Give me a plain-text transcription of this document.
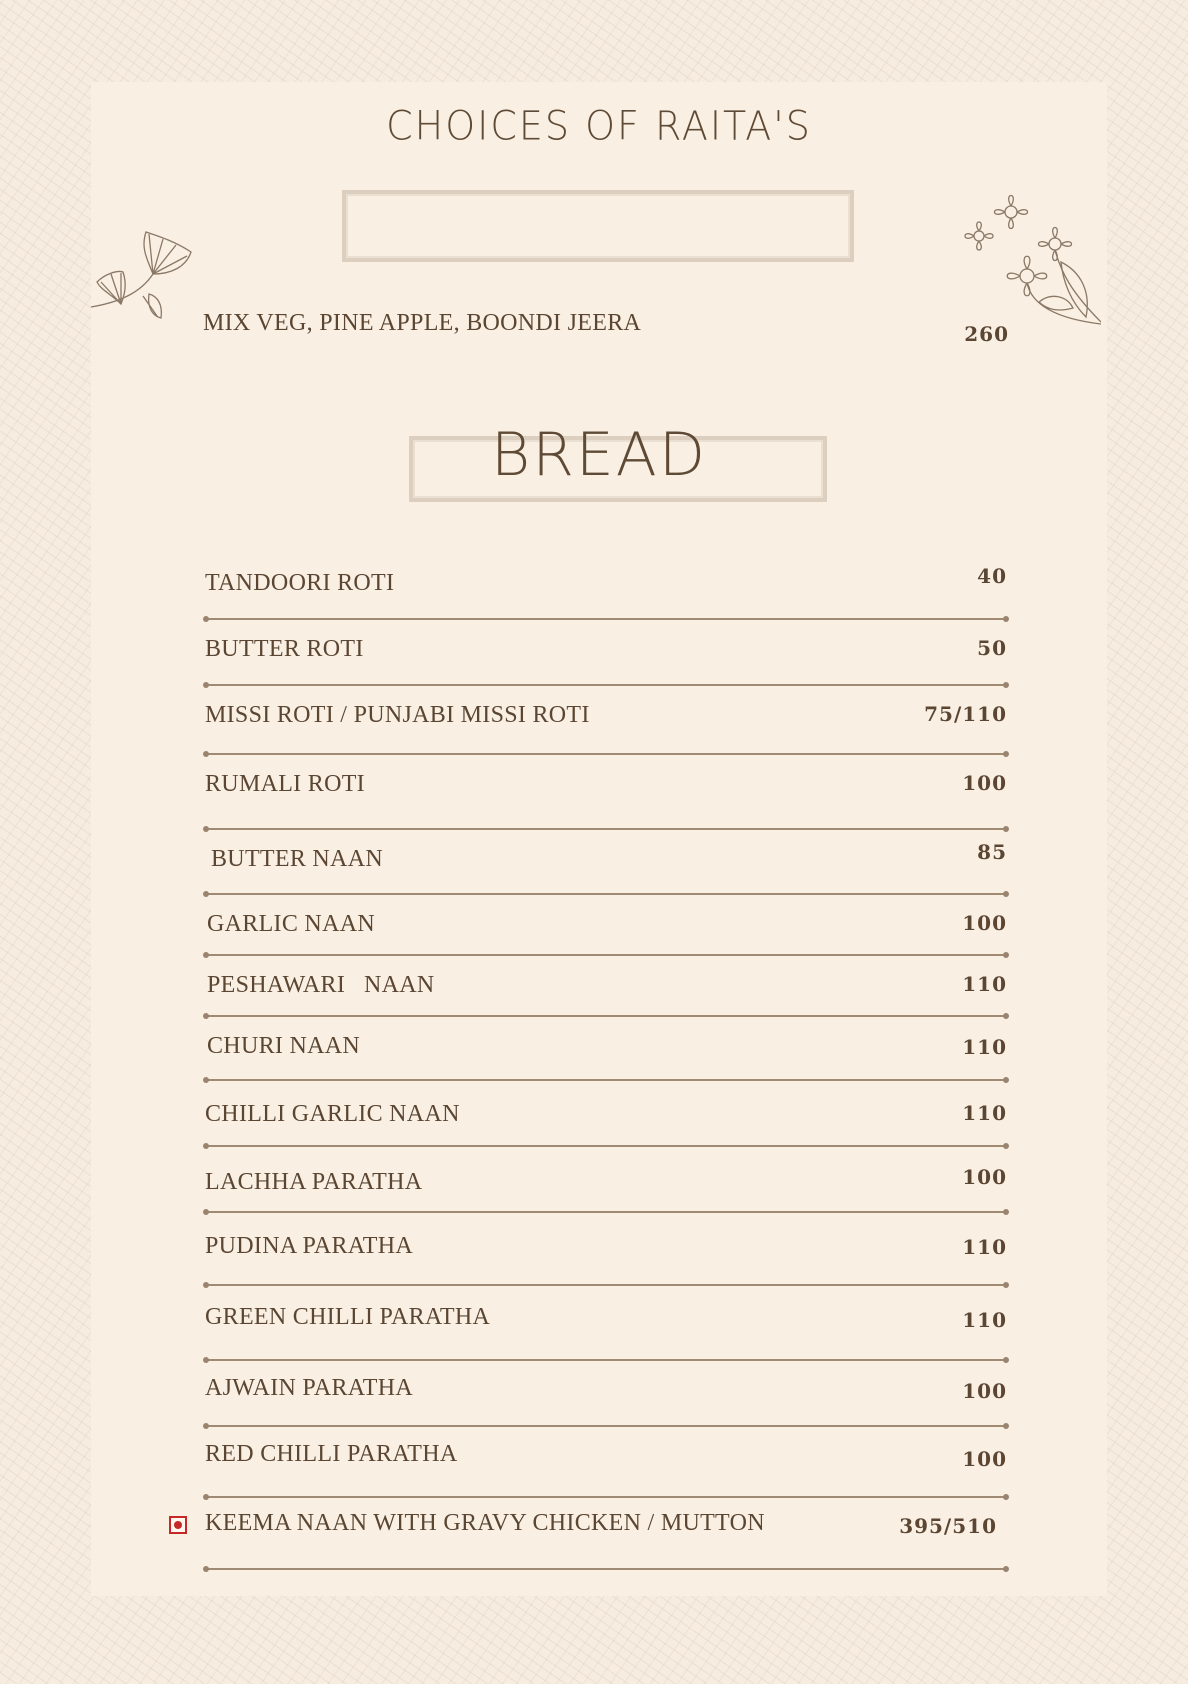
CHOICES OF RAITA'S
MIX VEG, PINE APPLE, BOONDI JEERA	260
BREAD
TANDOORI ROTI	40
BUTTER ROTI	50
MISSI ROTI / PUNJABI MISSI ROTI	75/110
RUMALI ROTI	100
BUTTER NAAN	85
GARLIC NAAN	100
PESHAWARI   NAAN	110
CHURI NAAN	110
CHILLI GARLIC NAAN	110
LACHHA PARATHA	100
PUDINA PARATHA	110
GREEN CHILLI PARATHA	110
AJWAIN PARATHA	100
RED CHILLI PARATHA	100
KEEMA NAAN WITH GRAVY CHICKEN / MUTTON	395/510
